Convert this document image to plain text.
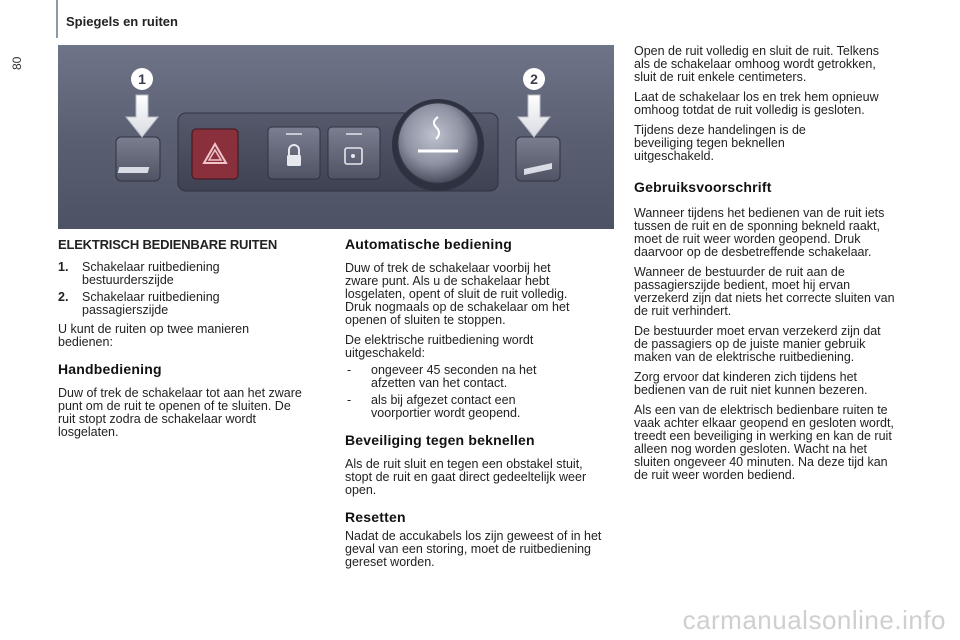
80
Spiegels en ruiten
1	2
ELEKTRISCH BEDIENBARE RUITEN
1.	Schakelaar ruitbediening bestuurderszijde
2.	Schakelaar ruitbediening passagierszijde

U kunt de ruiten op twee manieren bedienen:

Handbediening

Duw of trek de schakelaar tot aan het zware punt om de ruit te openen of te sluiten. De ruit stopt zodra de schakelaar wordt losgelaten.

Automatische bediening

Duw of trek de schakelaar voorbij het zware punt. Als u de schakelaar hebt losgelaten, opent of sluit de ruit volledig. Druk nogmaals op de schakelaar om het openen of sluiten te stoppen.

De elektrische ruitbediening wordt uitgeschakeld:

-	ongeveer 45 seconden na het afzetten van het contact.
-	als bij afgezet contact een voorportier wordt geopend.
Beveiliging tegen beknellen

Als de ruit sluit en tegen een obstakel stuit, stopt de ruit en gaat direct gedeeltelijk weer open.

Resetten

Nadat de accukabels los zijn geweest of in het geval van een storing, moet de ruitbediening gereset worden.

Open de ruit volledig en sluit de ruit. Telkens als de schakelaar omhoog wordt getrokken, sluit de ruit enkele centimeters.

Laat de schakelaar los en trek hem opnieuw omhoog totdat de ruit volledig is gesloten.

Tijdens deze handelingen is de beveiliging tegen beknellen uitgeschakeld.

Gebruiksvoorschrift

Wanneer tijdens het bedienen van de ruit iets tussen de ruit en de sponning bekneld raakt, moet de ruit weer worden geopend. Druk daarvoor op de desbetreffende schakelaar.

Wanneer de bestuurder de ruit aan de passagierszijde bedient, moet hij ervan verzekerd zijn dat niets het correcte sluiten van de ruit verhindert.

De bestuurder moet ervan verzekerd zijn dat de passagiers op de juiste manier gebruik maken van de elektrische ruitbediening.

Zorg ervoor dat kinderen zich tijdens het bedienen van de ruit niet kunnen bezeren.

Als een van de elektrisch bedienbare ruiten te vaak achter elkaar geopend en gesloten wordt, treedt een beveiliging in werking en kan de ruit alleen nog worden gesloten. Wacht na het sluiten ongeveer 40 minuten. Na deze tijd kan de ruit weer worden bediend.

carmanualsonline.info
